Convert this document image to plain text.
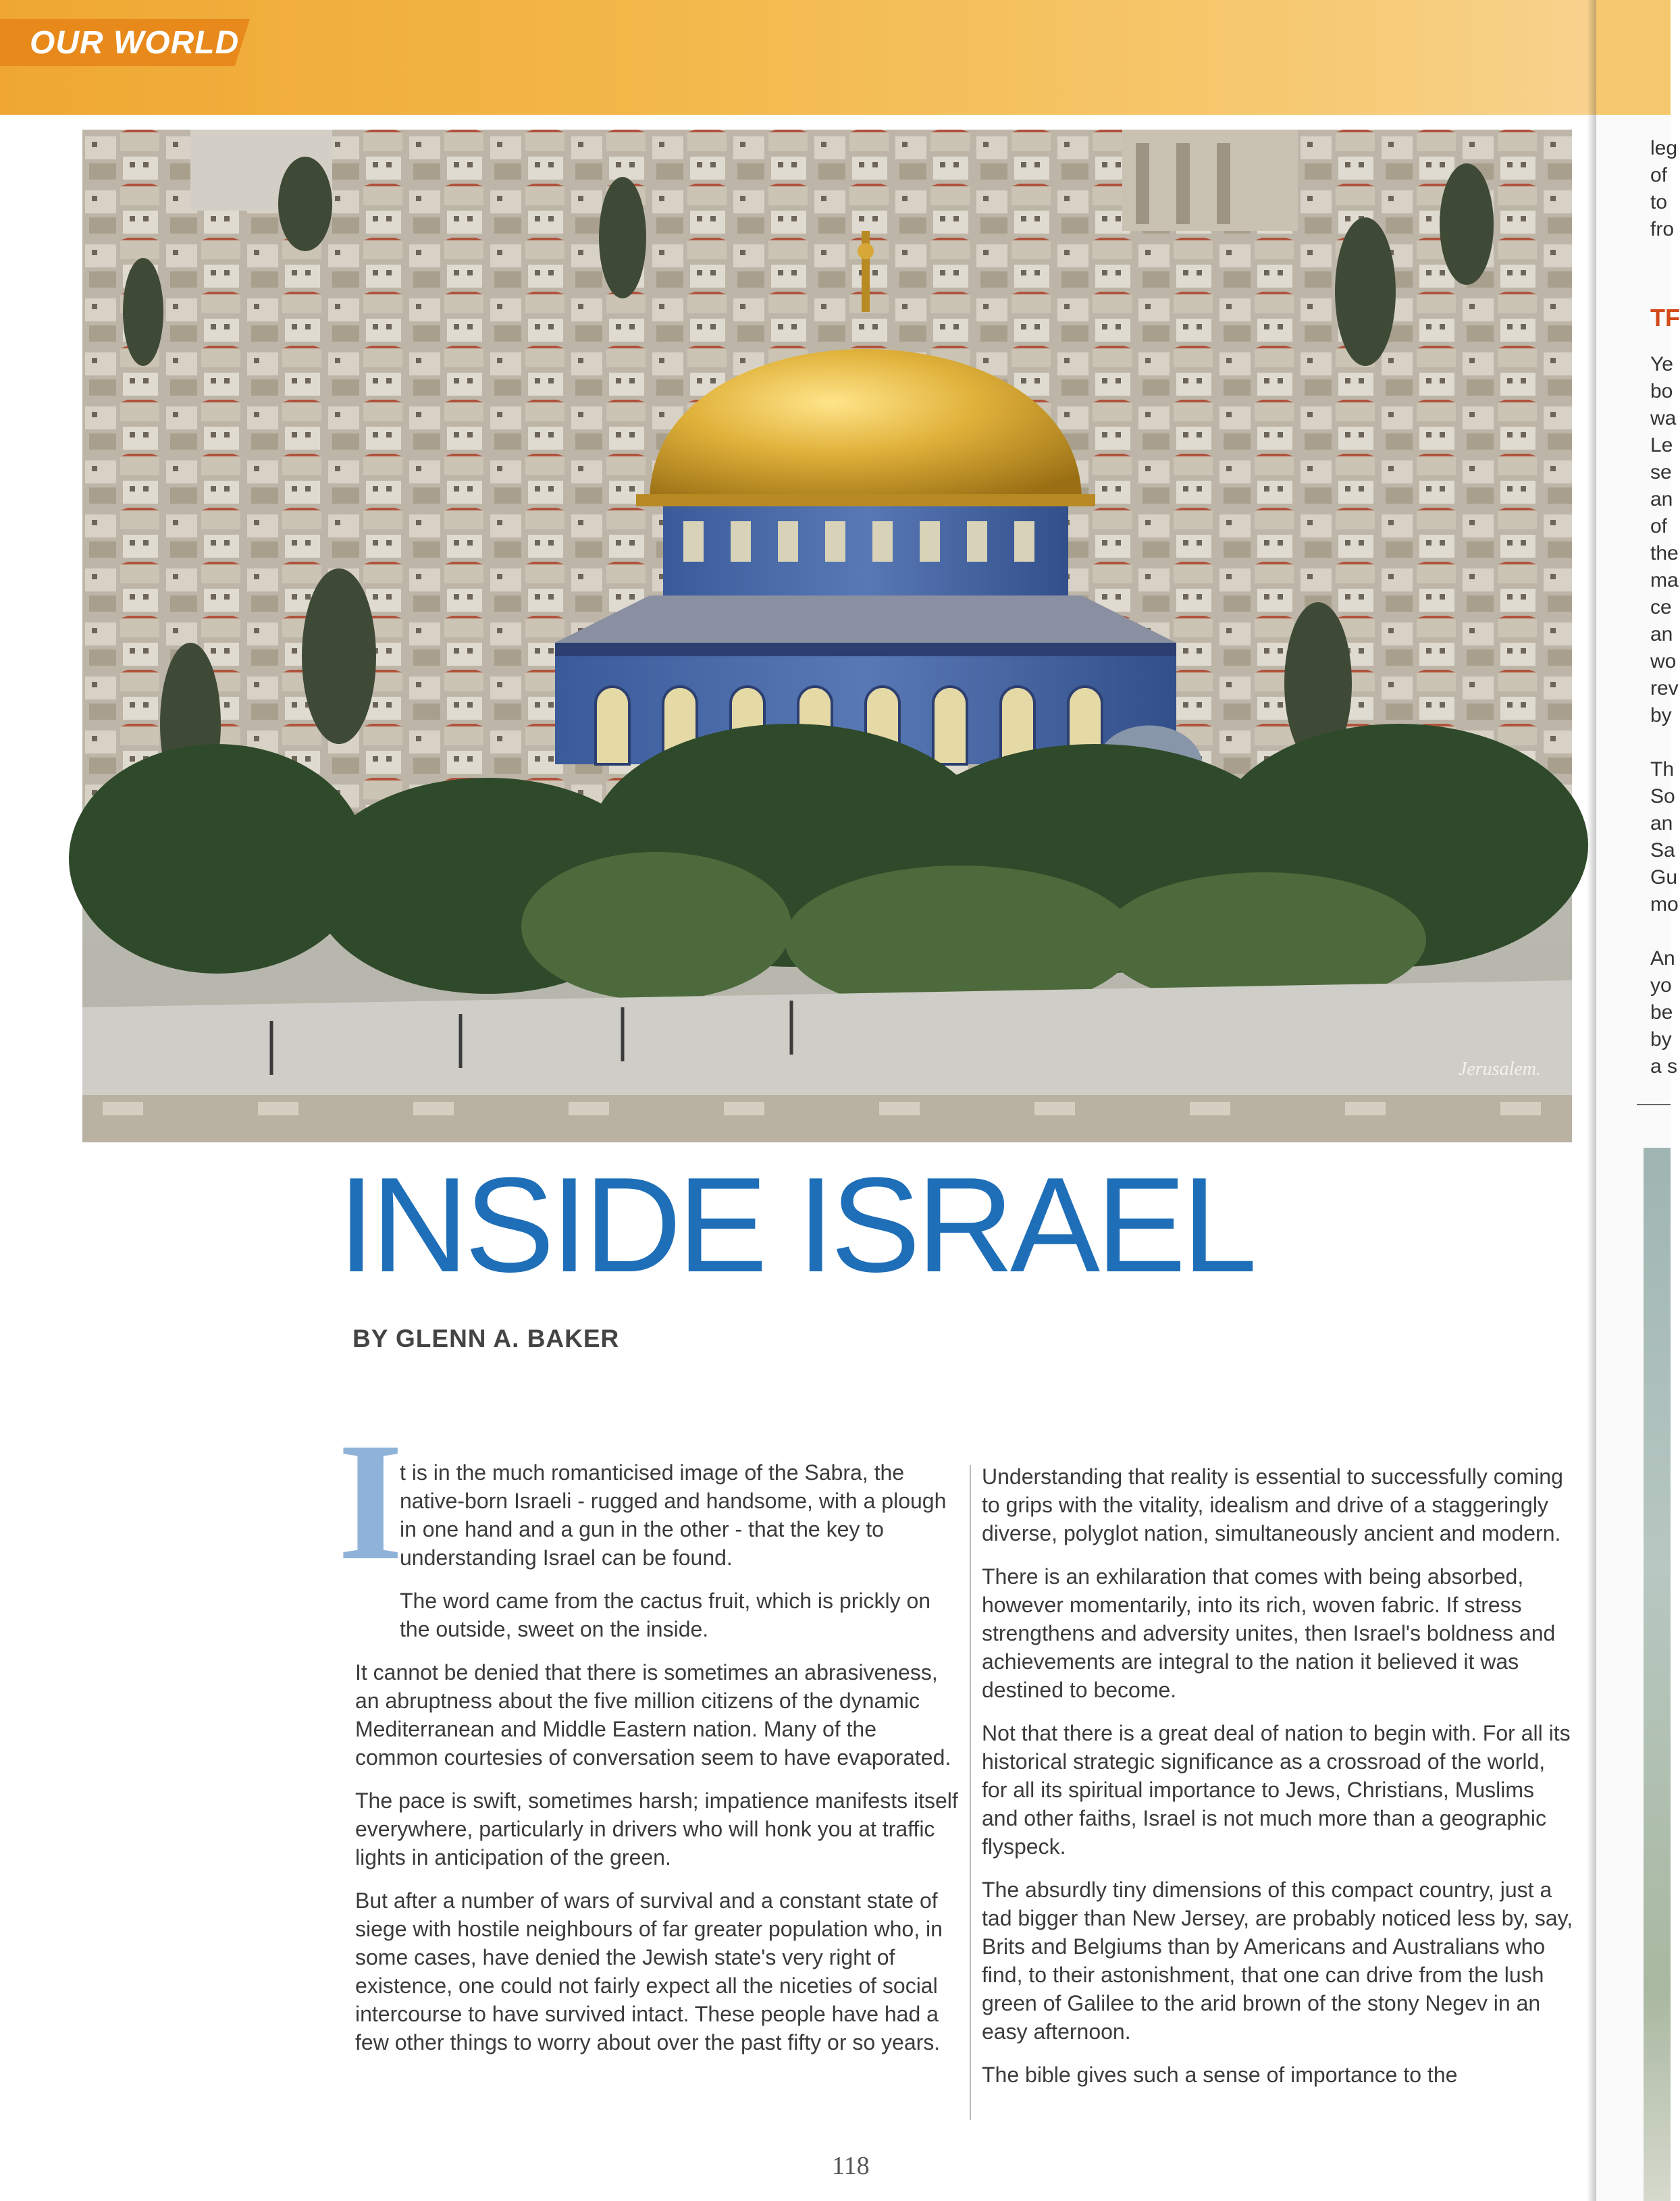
OUR WORLD
Jerusalem.
INSIDE ISRAEL
BY GLENN A. BAKER
I

t is in the much romanticised image of the Sabra, the native-born Israeli - rugged and handsome, with a plough in one hand and a gun in the other - that the key to understanding Israel can be found.

The word came from the cactus fruit, which is prickly on the outside, sweet on the inside.

It cannot be denied that there is sometimes an abrasiveness, an abruptness about the five million citizens of the dynamic Mediterranean and Middle Eastern nation. Many of the common courtesies of conversation seem to have evaporated.

The pace is swift, sometimes harsh; impatience manifests itself everywhere, particularly in drivers who will honk you at traffic lights in anticipation of the green.

But after a number of wars of survival and a constant state of siege with hostile neighbours of far greater population who, in some cases, have denied the Jewish state's very right of existence, one could not fairly expect all the niceties of social intercourse to have survived intact. These people have had a few other things to worry about over the past fifty or so years.

Understanding that reality is essential to successfully coming to grips with the vitality, idealism and drive of a staggeringly diverse, polyglot nation, simultaneously ancient and modern.

There is an exhilaration that comes with being absorbed, however momentarily, into its rich, woven fabric. If stress strengthens and adversity unites, then Israel's boldness and achievements are integral to the nation it believed it was destined to become.

Not that there is a great deal of nation to begin with. For all its historical strategic significance as a crossroad of the world, for all its spiritual importance to Jews, Christians, Muslims and other faiths, Israel is not much more than a geographic flyspeck.

The absurdly tiny dimensions of this compact country, just a tad bigger than New Jersey, are probably noticed less by, say, Brits and Belgiums than by Americans and Australians who find, to their astonishment, that one can drive from the lush green of Galilee to the arid brown of the stony Negev in an easy afternoon.

The bible gives such a sense of importance to the

118
leg
of
to
fro
TF
Ye
bo
wa
Le
se
an
of
the
ma
ce
an
wo
rev
by

Th
So
an
Sa
Gu
mo

An
yo
be
by
a s
